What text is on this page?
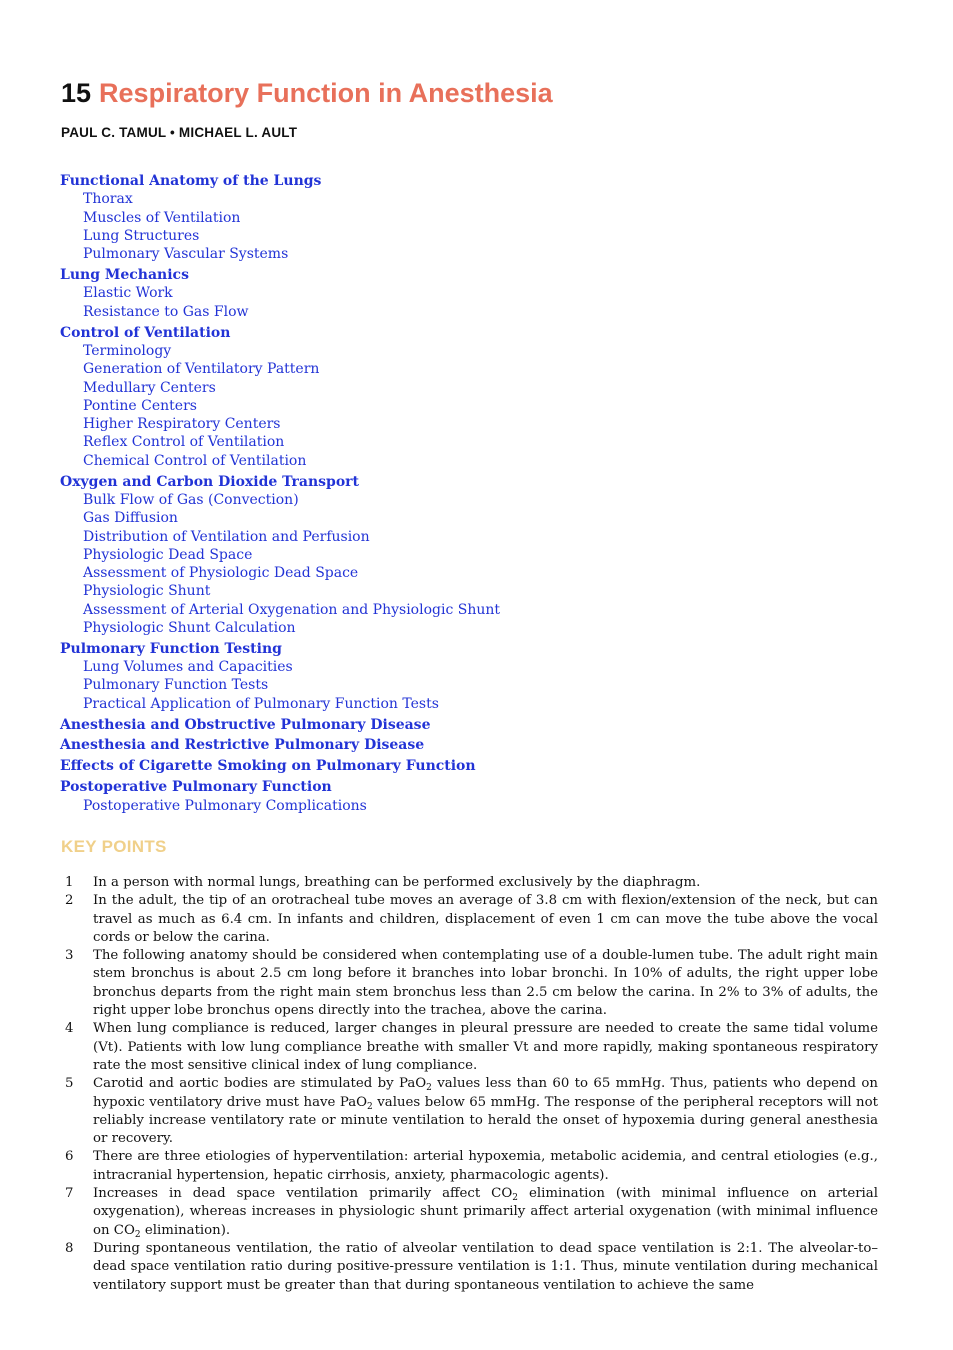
15 Respiratory Function in Anesthesia
PAUL C. TAMUL • MICHAEL L. AULT
Functional Anatomy of the Lungs
Thorax
Muscles of Ventilation
Lung Structures
Pulmonary Vascular Systems
Lung Mechanics
Elastic Work
Resistance to Gas Flow
Control of Ventilation
Terminology
Generation of Ventilatory Pattern
Medullary Centers
Pontine Centers
Higher Respiratory Centers
Reflex Control of Ventilation
Chemical Control of Ventilation
Oxygen and Carbon Dioxide Transport
Bulk Flow of Gas (Convection)
Gas Diffusion
Distribution of Ventilation and Perfusion
Physiologic Dead Space
Assessment of Physiologic Dead Space
Physiologic Shunt
Assessment of Arterial Oxygenation and Physiologic Shunt
Physiologic Shunt Calculation
Pulmonary Function Testing
Lung Volumes and Capacities
Pulmonary Function Tests
Practical Application of Pulmonary Function Tests
Anesthesia and Obstructive Pulmonary Disease
Anesthesia and Restrictive Pulmonary Disease
Effects of Cigarette Smoking on Pulmonary Function
Postoperative Pulmonary Function
Postoperative Pulmonary Complications
KEY POINTS
1 In a person with normal lungs, breathing can be performed exclusively by the diaphragm.
2 In the adult, the tip of an orotracheal tube moves an average of 3.8 cm with flexion/extension of the neck, but can travel as much as 6.4 cm. In infants and children, displacement of even 1 cm can move the tube above the vocal cords or below the carina.
3 The following anatomy should be considered when contemplating use of a double-lumen tube. The adult right main stem bronchus is about 2.5 cm long before it branches into lobar bronchi. In 10% of adults, the right upper lobe bronchus departs from the right main stem bronchus less than 2.5 cm below the carina. In 2% to 3% of adults, the right upper lobe bronchus opens directly into the trachea, above the carina.
4 When lung compliance is reduced, larger changes in pleural pressure are needed to create the same tidal volume (Vt). Patients with low lung compliance breathe with smaller Vt and more rapidly, making spontaneous respiratory rate the most sensitive clinical index of lung compliance.
5 Carotid and aortic bodies are stimulated by PaO$_2$ values less than 60 to 65 mmHg. Thus, patients who depend on hypoxic ventilatory drive must have PaO$_2$ values below 65 mmHg. The response of the peripheral receptors will not reliably increase ventilatory rate or minute ventilation to herald the onset of hypoxemia during general anesthesia or recovery.
6 There are three etiologies of hyperventilation: arterial hypoxemia, metabolic acidemia, and central etiologies (e.g., intracranial hypertension, hepatic cirrhosis, anxiety, pharmacologic agents).
7 Increases in dead space ventilation primarily affect $CO_2$ elimination (with minimal influence on arterial oxygenation), whereas increases in physiologic shunt primarily affect arterial oxygenation (with minimal influence on $CO_2$ elimination).
8 During spontaneous ventilation, the ratio of alveolar ventilation to dead space ventilation is 2:1. The alveolar-to–dead space ventilation ratio during positive-pressure ventilation is 1:1. Thus, minute ventilation during mechanical ventilatory support must be greater than that during spontaneous ventilation to achieve the same
